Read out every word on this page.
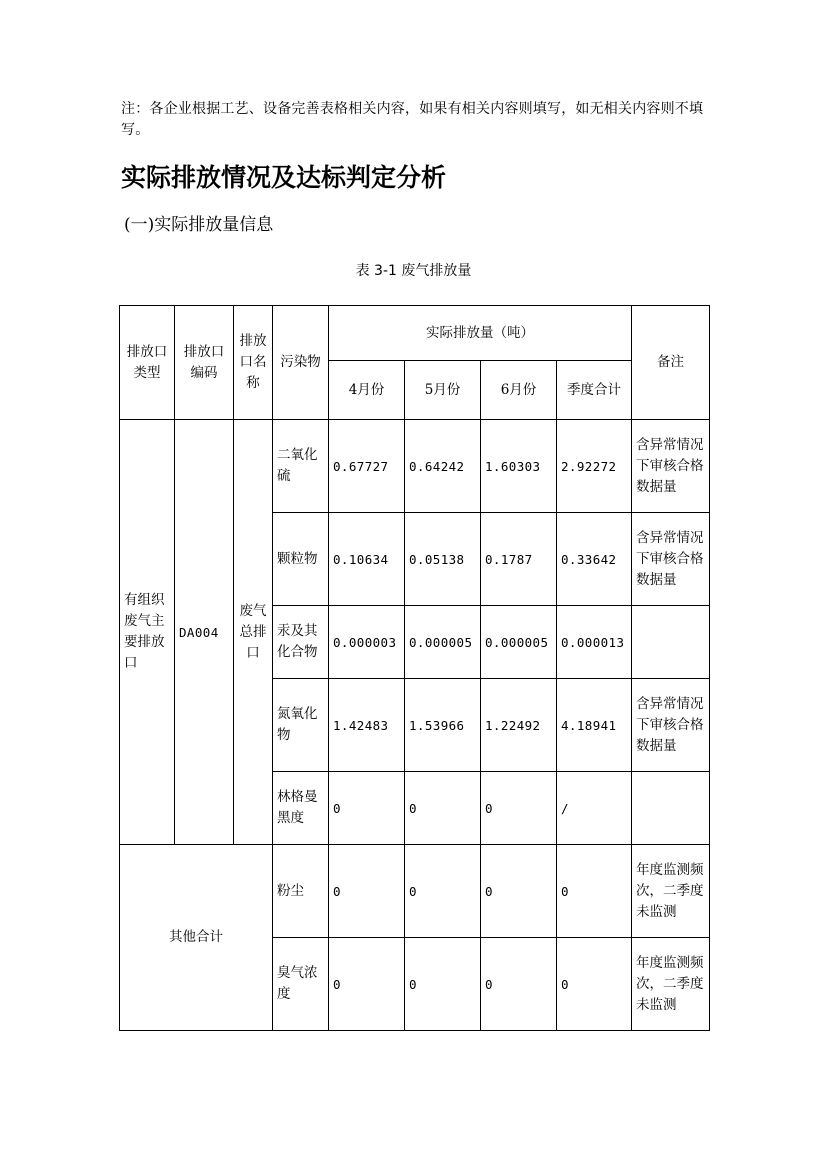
注：各企业根据工艺、设备完善表格相关内容，如果有相关内容则填写，如无相关内容则不填写。
实际排放情况及达标判定分析
(一)实际排放量信息
表 3-1 废气排放量
排放口类型	排放口编码	排放口名称	污染物	实际排放量（吨）				备注
				4月份	5月份	6月份	季度合计	
有组织废气主要排放口	DA004	废气总排口	二氧化硫	0.67727	0.64242	1.60303	2.92272	含异常情况下审核合格数据量
			颗粒物	0.10634	0.05138	0.1787	0.33642	含异常情况下审核合格数据量
			汞及其化合物	0.000003	0.000005	0.000005	0.000013	
			氮氧化物	1.42483	1.53966	1.22492	4.18941	含异常情况下审核合格数据量
			林格曼黑度	0	0	0	/	
其他合计			粉尘	0	0	0	0	年度监测频次，二季度未监测
			臭气浓度	0	0	0	0	年度监测频次，二季度未监测
